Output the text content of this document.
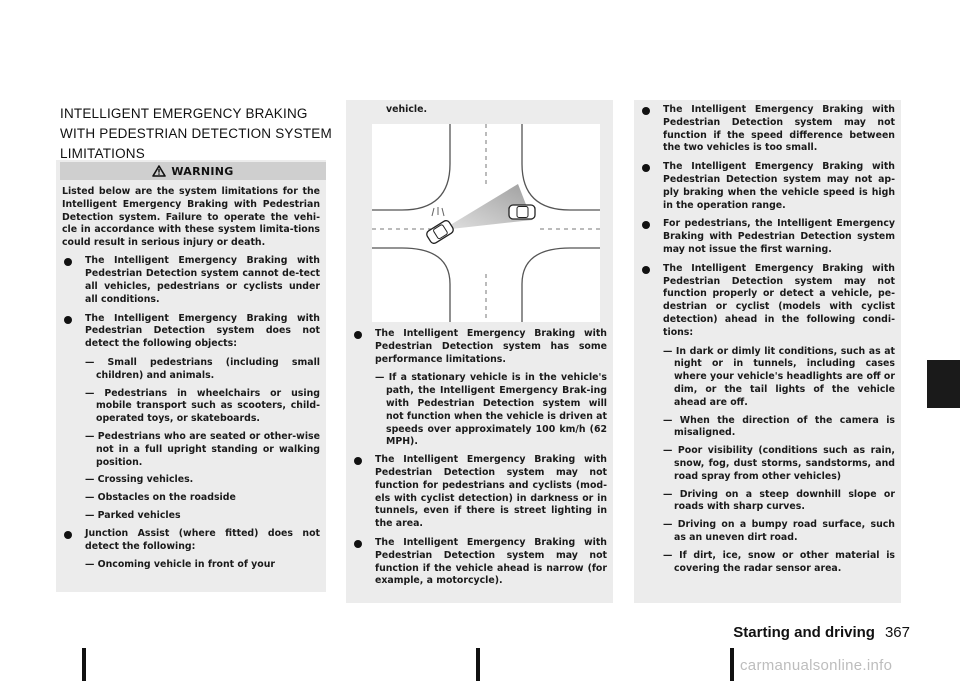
INTELLIGENT EMERGENCY BRAKING
WITH PEDESTRIAN DETECTION SYSTEM
LIMITATIONS
WARNING

Listed below are the system limitations for the Intelligent Emergency Braking with Pedestrian Detection system. Failure to operate the vehi-cle in accordance with these system limita-tions could result in serious injury or death.

The Intelligent Emergency Braking with Pedestrian Detection system cannot de-tect all vehicles, pedestrians or cyclists under all conditions.
The Intelligent Emergency Braking with Pedestrian Detection system does not detect the following objects:
— Small pedestrians (including small children) and animals.
— Pedestrians in wheelchairs or using mobile transport such as scooters, child-operated toys, or skateboards.
— Pedestrians who are seated or other-wise not in a full upright standing or walking position.
— Crossing vehicles.
— Obstacles on the roadside
— Parked vehicles
Junction Assist (where fitted) does not detect the following:
— Oncoming vehicle in front of your
vehicle.
The Intelligent Emergency Braking with Pedestrian Detection system has some performance limitations.
— If a stationary vehicle is in the vehicle's path, the Intelligent Emergency Brak-ing with Pedestrian Detection system will not function when the vehicle is driven at speeds over approximately 100 km/h (62 MPH).
The Intelligent Emergency Braking with Pedestrian Detection system may not function for pedestrians and cyclists (mod-els with cyclist detection) in darkness or in tunnels, even if there is street lighting in the area.
The Intelligent Emergency Braking with Pedestrian Detection system may not function if the vehicle ahead is narrow (for example, a motorcycle).
The Intelligent Emergency Braking with Pedestrian Detection system may not function if the speed difference between the two vehicles is too small.
The Intelligent Emergency Braking with Pedestrian Detection system may not ap-ply braking when the vehicle speed is high in the operation range.
For pedestrians, the Intelligent Emergency Braking with Pedestrian Detection system may not issue the first warning.
The Intelligent Emergency Braking with Pedestrian Detection system may not function properly or detect a vehicle, pe-destrian or cyclist (models with cyclist detection) ahead in the following condi-tions:
— In dark or dimly lit conditions, such as at night or in tunnels, including cases where your vehicle's headlights are off or dim, or the tail lights of the vehicle ahead are off.
— When the direction of the camera is misaligned.
— Poor visibility (conditions such as rain, snow, fog, dust storms, sandstorms, and road spray from other vehicles)
— Driving on a steep downhill slope or roads with sharp curves.
— Driving on a bumpy road surface, such as an uneven dirt road.
— If dirt, ice, snow or other material is covering the radar sensor area.
Starting and driving 367
carmanualsonline.info
